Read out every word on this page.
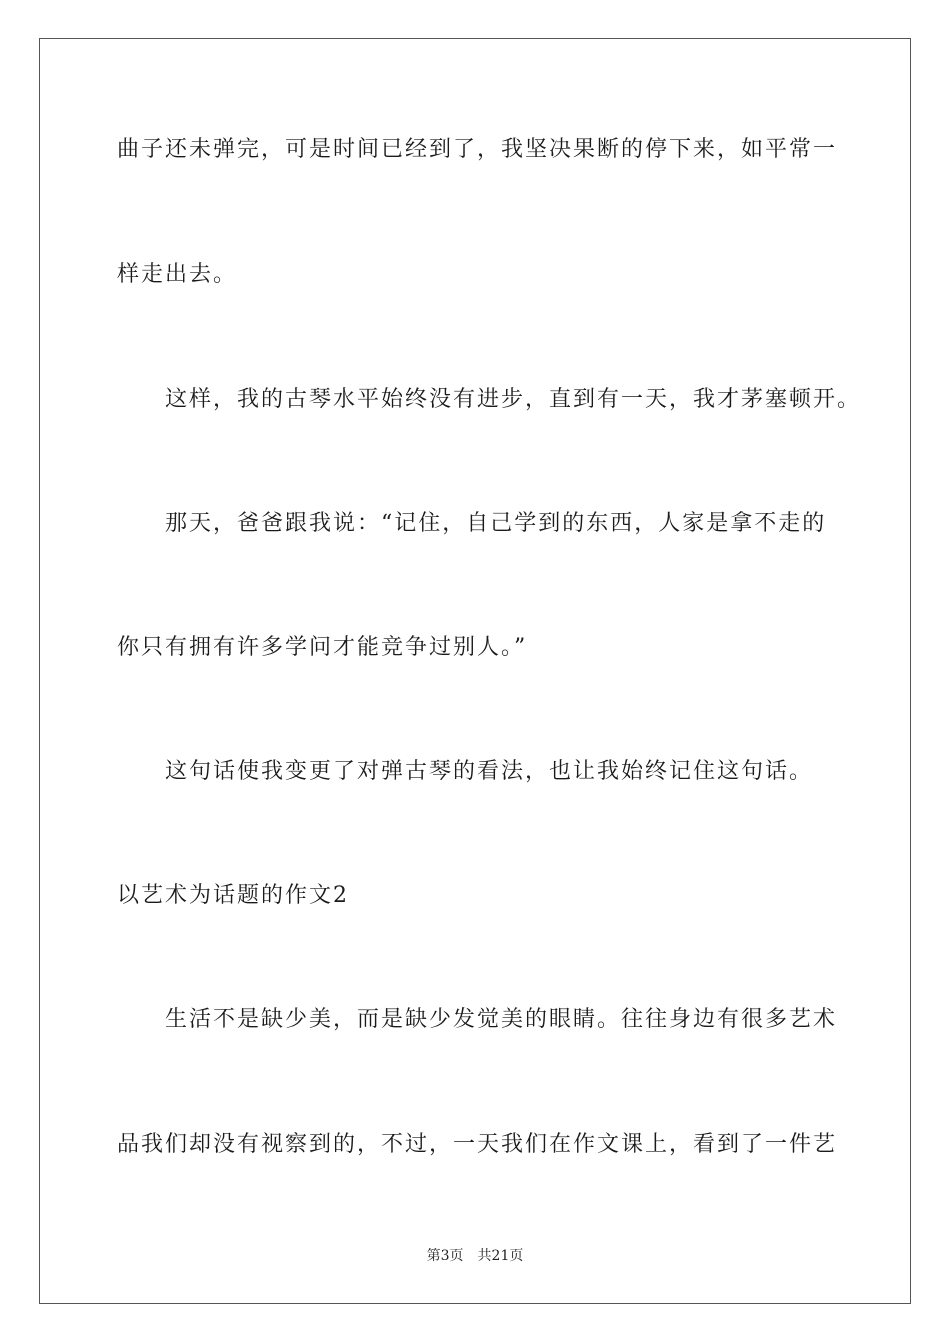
曲子还未弹完，可是时间已经到了，我坚决果断的停下来，如平常一
样走出去。
这样，我的古琴水平始终没有进步，直到有一天，我才茅塞顿开。
那天，爸爸跟我说：“记住，自己学到的东西，人家是拿不走的
你只有拥有许多学问才能竞争过别人。”
这句话使我变更了对弹古琴的看法，也让我始终记住这句话。
以艺术为话题的作文2
生活不是缺少美，而是缺少发觉美的眼睛。往往身边有很多艺术
品我们却没有视察到的，不过，一天我们在作文课上，看到了一件艺
第3页 共21页
